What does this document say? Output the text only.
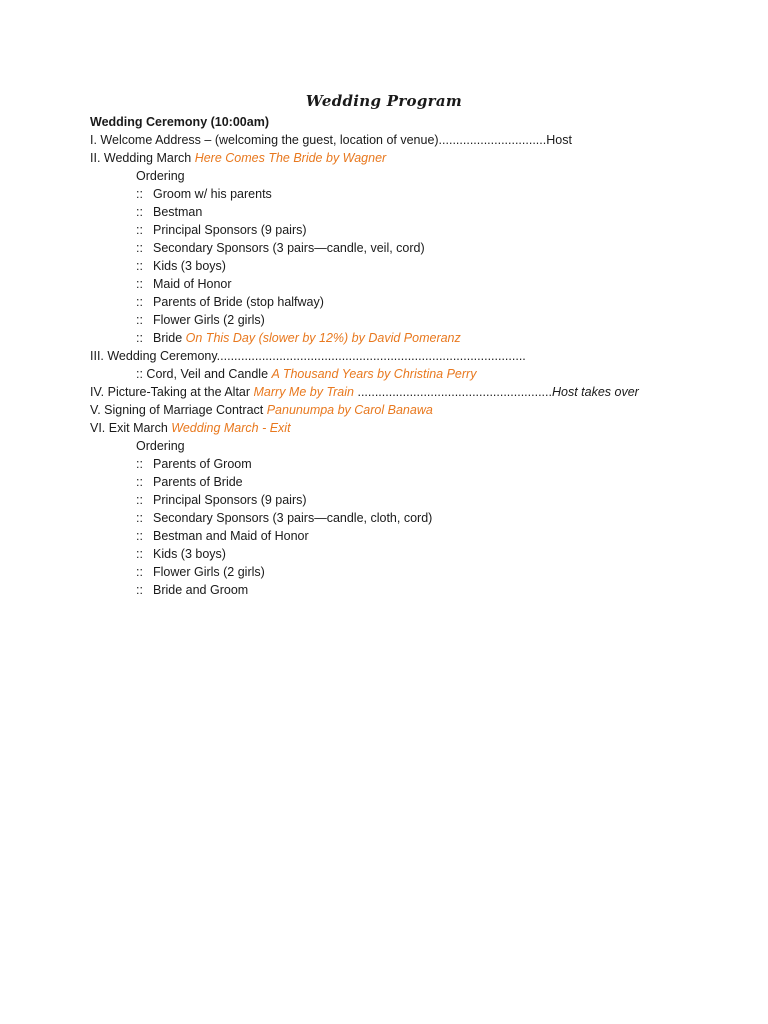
Wedding Program
Wedding Ceremony (10:00am)
I. Welcome Address – (welcoming the guest, location of venue)...............................Host
II. Wedding March Here Comes The Bride by Wagner
Ordering
:: Groom w/ his parents
:: Bestman
:: Principal Sponsors (9 pairs)
:: Secondary Sponsors (3 pairs—candle, veil, cord)
:: Kids (3 boys)
:: Maid of Honor
:: Parents of Bride (stop halfway)
:: Flower Girls (2 girls)
:: Bride On This Day (slower by 12%) by David Pomeranz
III. Wedding Ceremony.........................................................................................
:: Cord, Veil and Candle A Thousand Years by Christina Perry
IV. Picture-Taking at the Altar Marry Me by Train ........................................................Host takes over
V. Signing of Marriage Contract Panunumpa by Carol Banawa
VI. Exit March Wedding March - Exit
Ordering
:: Parents of Groom
:: Parents of Bride
:: Principal Sponsors (9 pairs)
:: Secondary Sponsors (3 pairs—candle, cloth, cord)
:: Bestman and Maid of Honor
:: Kids (3 boys)
:: Flower Girls (2 girls)
:: Bride and Groom
